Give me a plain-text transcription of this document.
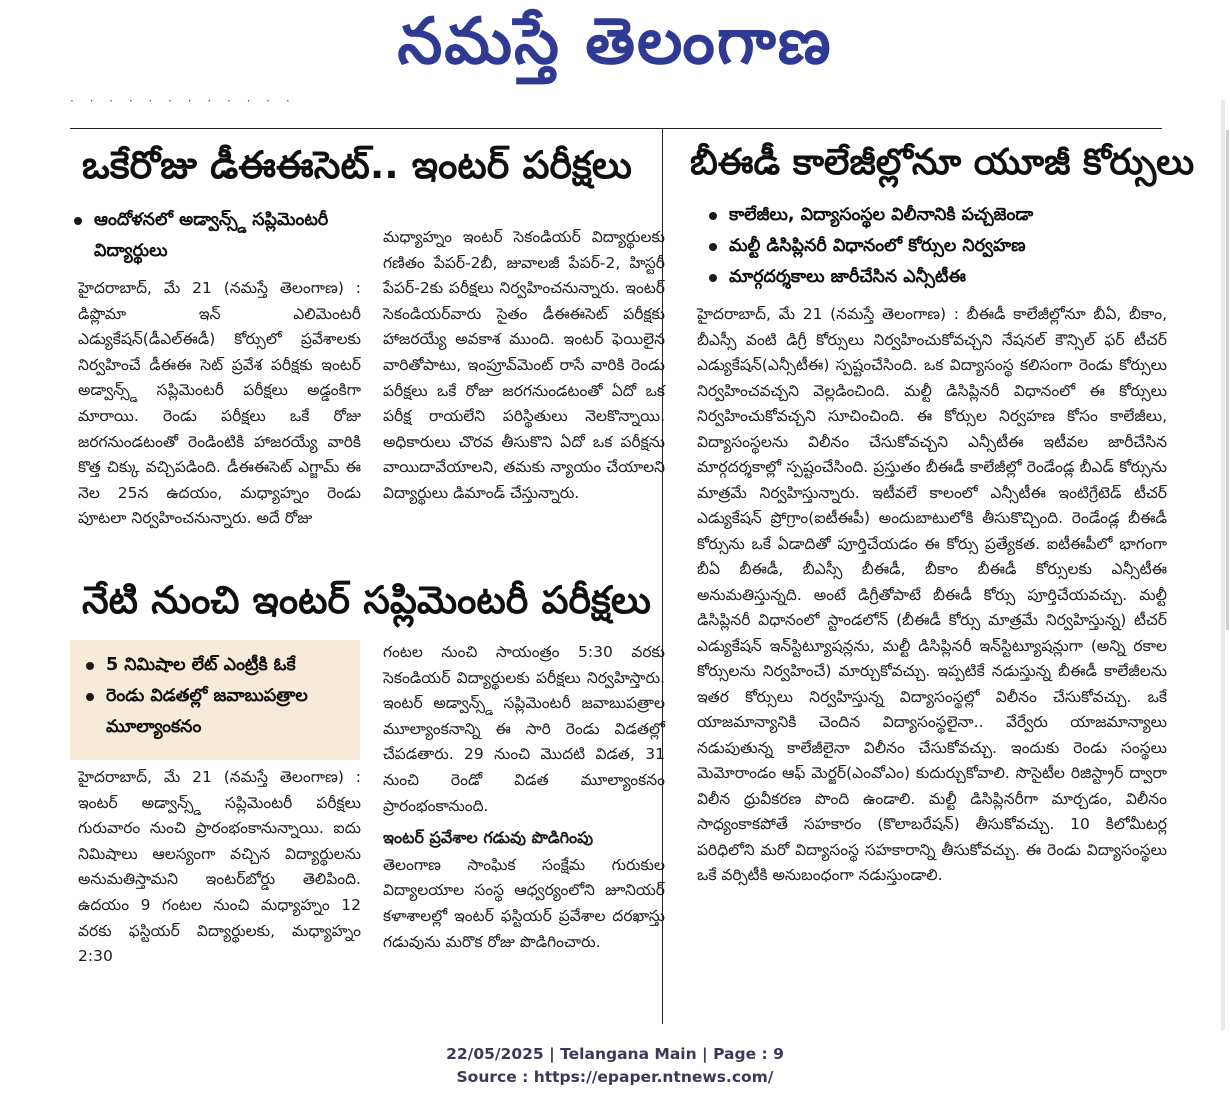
నమస్తే తెలంగాణ
· · · · · · · · · · · ·
ఒకేరోజు డీఈఈసెట్.. ఇంటర్ పరీక్షలు
ఆందోళనలో అడ్వాన్స్డ్ సప్లిమెంటరీ విద్యార్థులు
హైదరాబాద్, మే 21 (నమస్తే తెలంగాణ) : డిప్లొమా ఇన్ ఎలిమెంటరీ ఎడ్యుకేషన్(డీఎల్ఈడీ) కోర్సులో ప్రవేశాలకు నిర్వహించే డీఈఈ సెట్ ప్రవేశ పరీక్షకు ఇంటర్ అడ్వాన్స్డ్ సప్లిమెంటరీ పరీక్షలు అడ్డంకిగా మారాయి. రెండు పరీక్షలు ఒకే రోజు జరగనుండటంతో రెండింటికి హాజరయ్యే వారికి కొత్త చిక్కు వచ్చిపడింది. డీఈఈసెట్ ఎగ్జామ్ ఈ నెల 25న ఉదయం, మధ్యాహ్నం రెండు పూటలా నిర్వహించనున్నారు. అదే రోజు
మధ్యాహ్నం ఇంటర్ సెకండియర్ విద్యార్థులకు గణితం పేపర్-2బీ, జువాలజీ పేపర్-2, హిస్టరీ పేపర్-2కు పరీక్షలు నిర్వహించనున్నారు. ఇంటర్ సెకండియర్‌వారు సైతం డీఈఈసెట్ పరీక్షకు హాజరయ్యే అవకాశ ముంది. ఇంటర్ ఫెయిలైన వారితోపాటు, ఇంప్రూవ్‌మెంట్ రాసే వారికి రెండు పరీక్షలు ఒకే రోజు జరగనుండటంతో ఏదో ఒక పరీక్ష రాయలేని పరిస్థితులు నెలకొన్నాయి. అధికారులు చొరవ తీసుకొని ఏదో ఒక పరీక్షను వాయిదావేయాలని, తమకు న్యాయం చేయాలని విద్యార్థులు డిమాండ్ చేస్తున్నారు.
బీఈడీ కాలేజీల్లోనూ యూజీ కోర్సులు
కాలేజీలు, విద్యాసంస్థల విలీనానికి పచ్చజెండా
మల్టీ డిసిప్లినరీ విధానంలో కోర్సుల నిర్వహణ
మార్గదర్శకాలు జారీచేసిన ఎన్సీటీఈ
హైదరాబాద్, మే 21 (నమస్తే తెలంగాణ) : బీఈడీ కాలేజీల్లోనూ బీఏ, బీకాం, బీఎస్సీ వంటి డిగ్రీ కోర్సులు నిర్వహించుకోవచ్చని నేషనల్ కౌన్సిల్ ఫర్ టీచర్ ఎడ్యుకేషన్(ఎన్సీటీఈ) స్పష్టంచేసింది. ఒక విద్యాసంస్థ కలిసంగా రెండు కోర్సులు నిర్వహించవచ్చని వెల్లడించింది. మల్టీ డిసిప్లినరీ విధానంలో ఈ కోర్సులు నిర్వహించుకోవచ్చని సూచించింది. ఈ కోర్సుల నిర్వహణ కోసం కాలేజీలు, విద్యాసంస్థలను విలీనం చేసుకోవచ్చని ఎన్సీటీఈ ఇటీవల జారీచేసిన మార్గదర్శకాల్లో స్పష్టంచేసింది. ప్రస్తుతం బీఈడీ కాలేజీల్లో రెండేండ్ల బీఎడ్ కోర్సును మాత్రమే నిర్వహిస్తున్నారు. ఇటీవలే కాలంలో ఎన్సీటీఈ ఇంటిగ్రేటెడ్ టీచర్ ఎడ్యుకేషన్ ప్రోగ్రాం(ఐటీఈపీ) అందుబాటులోకి తీసుకొచ్చింది. రెండేండ్ల బీఈడీ కోర్సును ఒకే ఏడాదితో పూర్తిచేయడం ఈ కోర్సు ప్రత్యేకత. ఐటీఈపీలో భాగంగా బీఏ బీఈడీ, బీఎస్సీ బీఈడీ, బీకాం బీఈడీ కోర్సులకు ఎన్సీటీఈ అనుమతిస్తున్నది. అంటే డిగ్రీతోపాటే బీఈడీ కోర్సు పూర్తిచేయవచ్చు. మల్టీ డిసిప్లినరీ విధానంలో స్టాండలోన్ (బీఈడీ కోర్సు మాత్రమే నిర్వహిస్తున్న) టీచర్ ఎడ్యుకేషన్ ఇన్‌స్టిట్యూషన్లను, మల్టీ డిసిప్లినరీ ఇన్‌స్టిట్యూషన్లుగా (అన్ని రకాల కోర్సులను నిర్వహించే) మార్చుకోవచ్చు. ఇప్పటికే నడుస్తున్న బీఈడీ కాలేజీలను ఇతర కోర్సులు నిర్వహిస్తున్న విద్యాసంస్థల్లో విలీనం చేసుకోవచ్చు. ఒకే యాజమాన్యానికి చెందిన విద్యాసంస్థలైనా.. వేర్వేరు యాజమాన్యాలు నడుపుతున్న కాలేజీలైనా విలీనం చేసుకోవచ్చు. ఇందుకు రెండు సంస్థలు మెమోరాండం ఆఫ్ మెర్జర్(ఎంవోఎం) కుదుర్చుకోవాలి. సొసైటీల రిజిస్ట్రార్ ద్వారా విలీన ధ్రువీకరణ పొంది ఉండాలి. మల్టీ డిసిప్లినరీగా మార్చడం, విలీనం సాధ్యంకాకపోతే సహకారం (కొలాబరేషన్) తీసుకోవచ్చు. 10 కిలోమీటర్ల పరిధిలోని మరో విద్యాసంస్థ సహకారాన్ని తీసుకోవచ్చు. ఈ రెండు విద్యాసంస్థలు ఒకే వర్సిటీకి అనుబంధంగా నడుస్తుండాలి.
నేటి నుంచి ఇంటర్ సప్లిమెంటరీ పరీక్షలు
5 నిమిషాల లేట్ ఎంట్రీకి ఓకే
రెండు విడతల్లో జవాబుపత్రాల మూల్యాంకనం
హైదరాబాద్, మే 21 (నమస్తే తెలంగాణ) : ఇంటర్ అడ్వాన్స్డ్ సప్లిమెంటరీ పరీక్షలు గురువారం నుంచి ప్రారంభంకానున్నాయి. ఐదు నిమిషాలు ఆలస్యంగా వచ్చిన విద్యార్థులను అనుమతిస్తామని ఇంటర్‌బోర్డు తెలిపింది. ఉదయం 9 గంటల నుంచి మధ్యాహ్నం 12 వరకు ఫస్టియర్ విద్యార్థులకు, మధ్యాహ్నం 2:30
గంటల నుంచి సాయంత్రం 5:30 వరకు సెకండియర్ విద్యార్థులకు పరీక్షలు నిర్వహిస్తారు. ఇంటర్ అడ్వాన్స్డ్ సప్లిమెంటరీ జవాబుపత్రాల మూల్యాంకనాన్ని ఈ సారి రెండు విడతల్లో చేపడతారు. 29 నుంచి మొదటి విడత, 31 నుంచి రెండో విడత మూల్యాంకనం ప్రారంభంకానుంది.
ఇంటర్ ప్రవేశాల గడువు పొడిగింపు
తెలంగాణ సాంఘిక సంక్షేమ గురుకుల విద్యాలయాల సంస్థ ఆధ్వర్యంలోని జూనియర్ కళాశాలల్లో ఇంటర్ ఫస్టియర్ ప్రవేశాల దరఖాస్తు గడువును మరొక రోజు పొడిగించారు.
22/05/2025 | Telangana Main | Page : 9
Source : https://epaper.ntnews.com/
